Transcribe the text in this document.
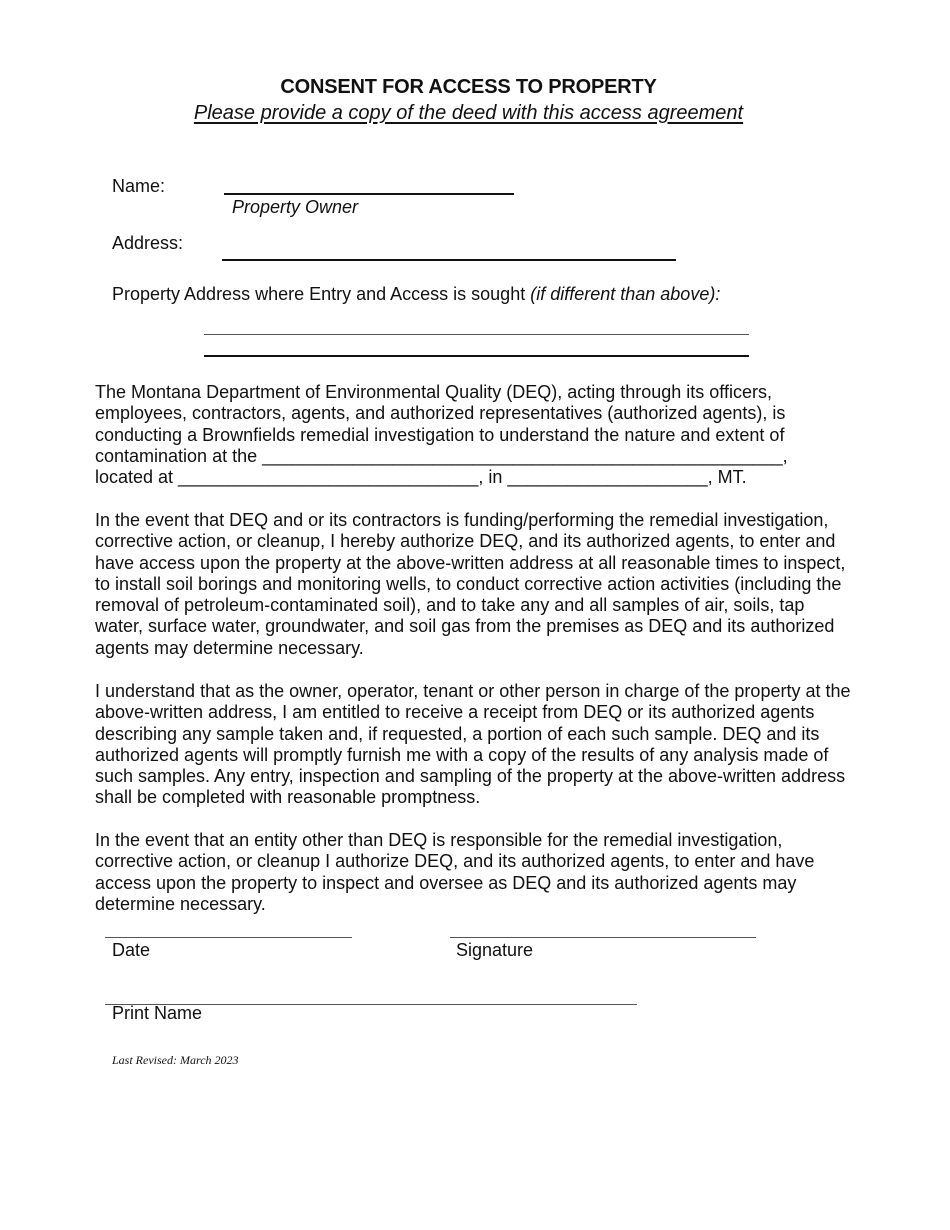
CONSENT FOR ACCESS TO PROPERTY
Please provide a copy of the deed with this access agreement
Name:
Property Owner
Address:
Property Address where Entry and Access is sought (if different than above):

The Montana Department of Environmental Quality (DEQ), acting through its officers,

employees, contractors, agents, and authorized representatives (authorized agents), is

conducting a Brownfields remedial investigation to understand the nature and extent of

contamination at the ____________________________________________________,

located at ______________________________, in ____________________, MT.

In the event that DEQ and or its contractors is funding/performing the remedial investigation, corrective action, or cleanup, I hereby authorize DEQ, and its authorized agents, to enter and have access upon the property at the above-written address at all reasonable times to inspect, to install soil borings and monitoring wells, to conduct corrective action activities (including the removal of petroleum-contaminated soil), and to take any and all samples of air, soils, tap water, surface water, groundwater, and soil gas from the premises as DEQ and its authorized agents may determine necessary.

I understand that as the owner, operator, tenant or other person in charge of the property at the above-written address, I am entitled to receive a receipt from DEQ or its authorized agents describing any sample taken and, if requested, a portion of each such sample. DEQ and its authorized agents will promptly furnish me with a copy of the results of any analysis made of such samples. Any entry, inspection and sampling of the property at the above-written address shall be completed with reasonable promptness.

In the event that an entity other than DEQ is responsible for the remedial investigation, corrective action, or cleanup I authorize DEQ, and its authorized agents, to enter and have access upon the property to inspect and oversee as DEQ and its authorized agents may determine necessary.

Date	Signature
Print Name
Last Revised: March 2023
